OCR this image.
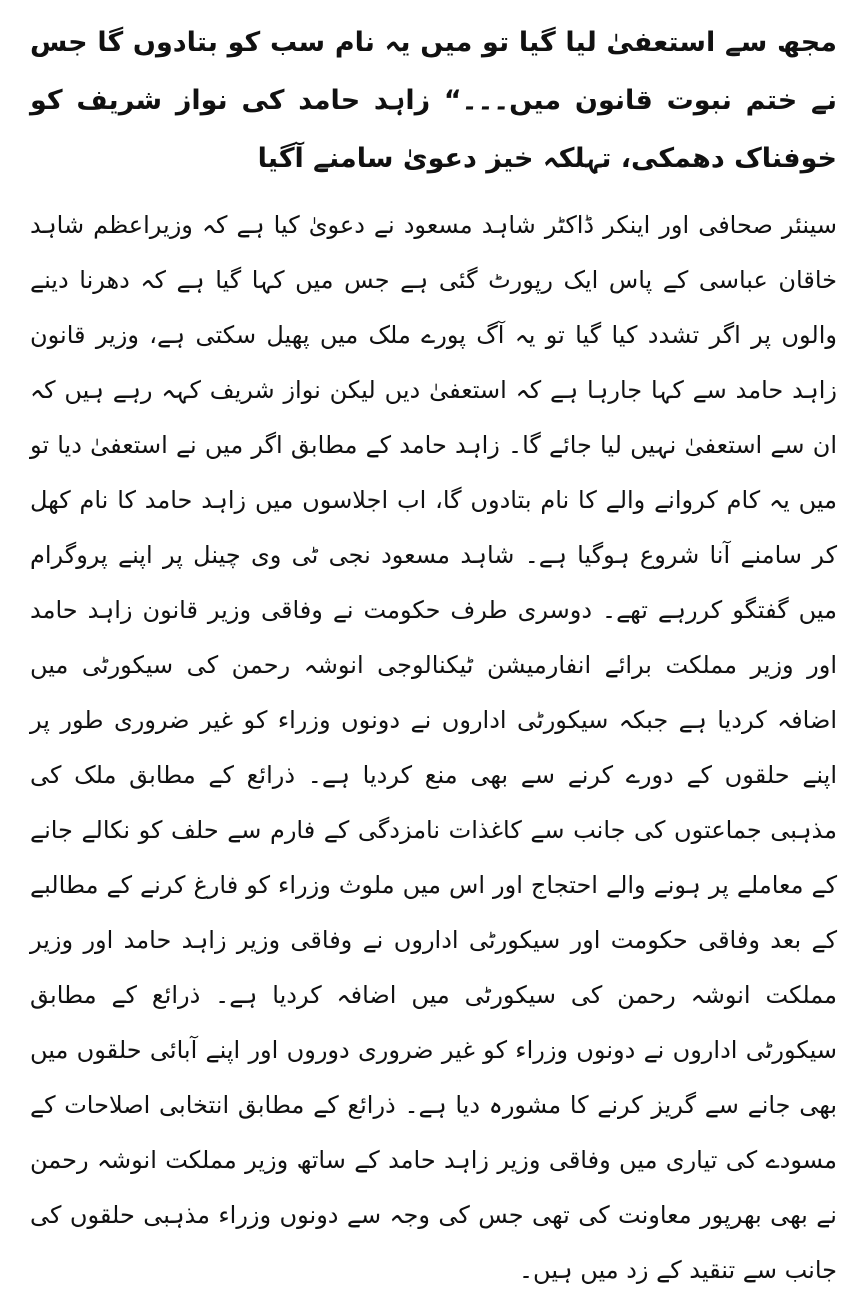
مجھ سے استعفیٰ لیا گیا تو میں یہ نام سب کو بتادوں گا جس نے ختم نبوت قانون میں۔۔۔“ زاہد حامد کی نواز شریف کو خوفناک دھمکی، تہلکہ خیز دعویٰ سامنے آگیا

سینئر صحافی اور اینکر ڈاکٹر شاہد مسعود نے دعویٰ کیا ہے کہ وزیراعظم شاہد خاقان عباسی کے پاس ایک رپورٹ گئی ہے جس میں کہا گیا ہے کہ دھرنا دینے والوں پر اگر تشدد کیا گیا تو یہ آگ پورے ملک میں پھیل سکتی ہے، وزیر قانون زاہد حامد سے کہا جارہا ہے کہ استعفیٰ دیں لیکن نواز شریف کہہ رہے ہیں کہ ان سے استعفیٰ نہیں لیا جائے گا۔ زاہد حامد کے مطابق اگر میں نے استعفیٰ دیا تو میں یہ کام کروانے والے کا نام بتادوں گا، اب اجلاسوں میں زاہد حامد کا نام کھل کر سامنے آنا شروع ہوگیا ہے۔ شاہد مسعود نجی ٹی وی چینل پر اپنے پروگرام میں گفتگو کررہے تھے۔ دوسری طرف حکومت نے وفاقی وزیر قانون زاہد حامد اور وزیر مملکت برائے انفارمیشن ٹیکنالوجی انوشہ رحمن کی سیکورٹی میں اضافہ کردیا ہے جبکہ سیکورٹی اداروں نے دونوں وزراء کو غیر ضروری طور پر اپنے حلقوں کے دورے کرنے سے بھی منع کردیا ہے۔ ذرائع کے مطابق ملک کی مذہبی جماعتوں کی جانب سے کاغذات نامزدگی کے فارم سے حلف کو نکالے جانے کے معاملے پر ہونے والے احتجاج اور اس میں ملوث وزراء کو فارغ کرنے کے مطالبے کے بعد وفاقی حکومت اور سیکورٹی اداروں نے وفاقی وزیر زاہد حامد اور وزیر مملکت انوشہ رحمن کی سیکورٹی میں اضافہ کردیا ہے۔ ذرائع کے مطابق سیکورٹی اداروں نے دونوں وزراء کو غیر ضروری دوروں اور اپنے آبائی حلقوں میں بھی جانے سے گریز کرنے کا مشورہ دیا ہے۔ ذرائع کے مطابق انتخابی اصلاحات کے مسودے کی تیاری میں وفاقی وزیر زاہد حامد کے ساتھ وزیر مملکت انوشہ رحمن نے بھی بھرپور معاونت کی تھی جس کی وجہ سے دونوں وزراء مذہبی حلقوں کی جانب سے تنقید کے زد میں ہیں۔
